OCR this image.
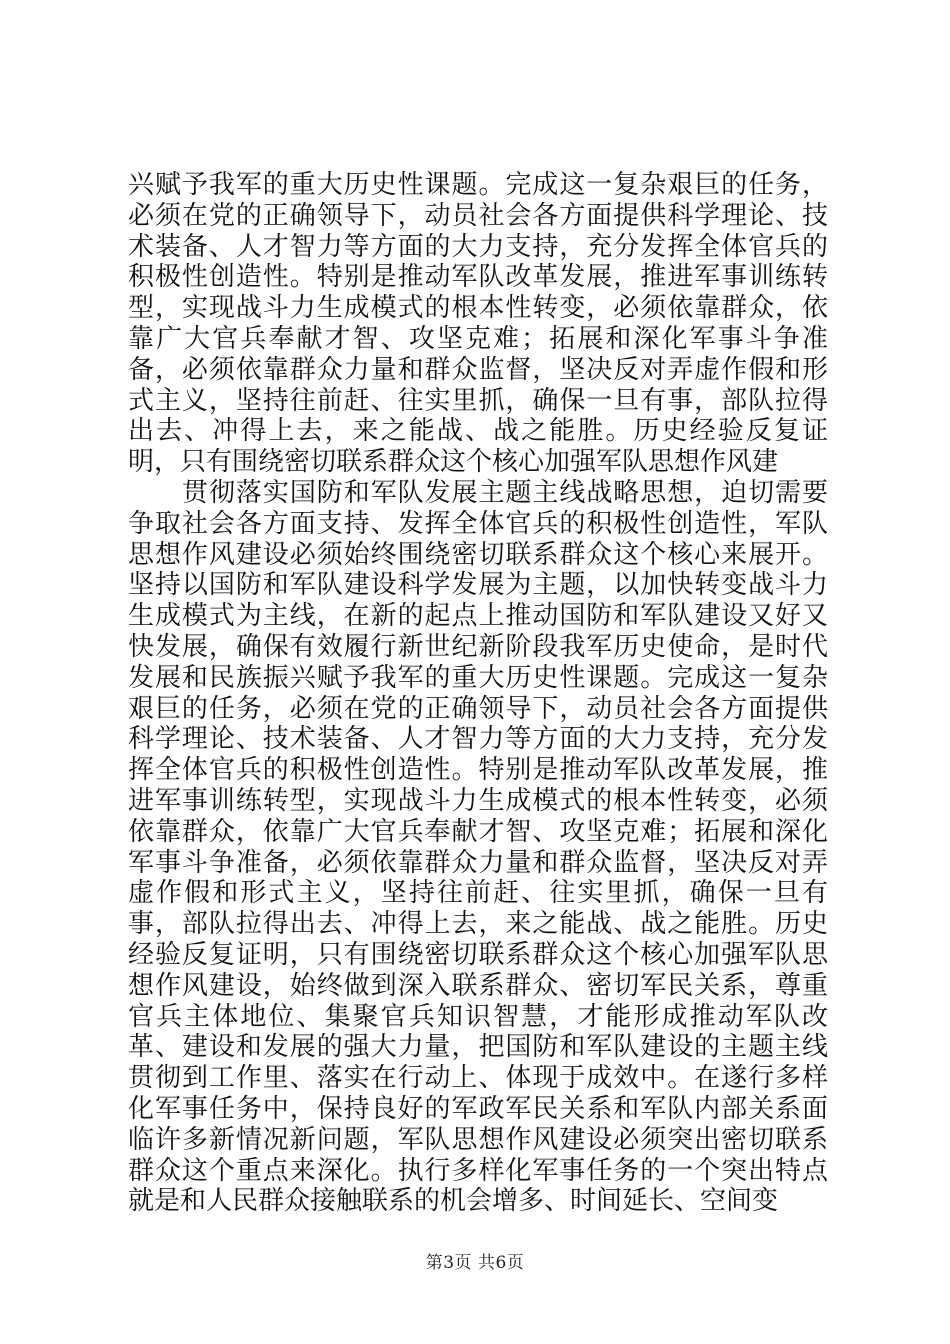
兴赋予我军的重大历史性课题。完成这一复杂艰巨的任务，必须在党的正确领导下，动员社会各方面提供科学理论、技术装备、人才智力等方面的大力支持，充分发挥全体官兵的积极性创造性。特别是推动军队改革发展，推进军事训练转型，实现战斗力生成模式的根本性转变，必须依靠群众，依靠广大官兵奉献才智、攻坚克难；拓展和深化军事斗争准备，必须依靠群众力量和群众监督，坚决反对弄虚作假和形式主义，坚持往前赶、往实里抓，确保一旦有事，部队拉得出去、冲得上去，来之能战、战之能胜。历史经验反复证明，只有围绕密切联系群众这个核心加强军队思想作风建

贯彻落实国防和军队发展主题主线战略思想，迫切需要争取社会各方面支持、发挥全体官兵的积极性创造性，军队思想作风建设必须始终围绕密切联系群众这个核心来展开。坚持以国防和军队建设科学发展为主题，以加快转变战斗力生成模式为主线，在新的起点上推动国防和军队建设又好又快发展，确保有效履行新世纪新阶段我军历史使命，是时代发展和民族振兴赋予我军的重大历史性课题。完成这一复杂艰巨的任务，必须在党的正确领导下，动员社会各方面提供科学理论、技术装备、人才智力等方面的大力支持，充分发挥全体官兵的积极性创造性。特别是推动军队改革发展，推进军事训练转型，实现战斗力生成模式的根本性转变，必须依靠群众，依靠广大官兵奉献才智、攻坚克难；拓展和深化军事斗争准备，必须依靠群众力量和群众监督，坚决反对弄虚作假和形式主义，坚持往前赶、往实里抓，确保一旦有事，部队拉得出去、冲得上去，来之能战、战之能胜。历史经验反复证明，只有围绕密切联系群众这个核心加强军队思想作风建设，始终做到深入联系群众、密切军民关系，尊重官兵主体地位、集聚官兵知识智慧，才能形成推动军队改革、建设和发展的强大力量，把国防和军队建设的主题主线贯彻到工作里、落实在行动上、体现于成效中。在遂行多样化军事任务中，保持良好的军政军民关系和军队内部关系面临许多新情况新问题，军队思想作风建设必须突出密切联系群众这个重点来深化。执行多样化军事任务的一个突出特点就是和人民群众接触联系的机会增多、时间延长、空间变

第3页 共6页
